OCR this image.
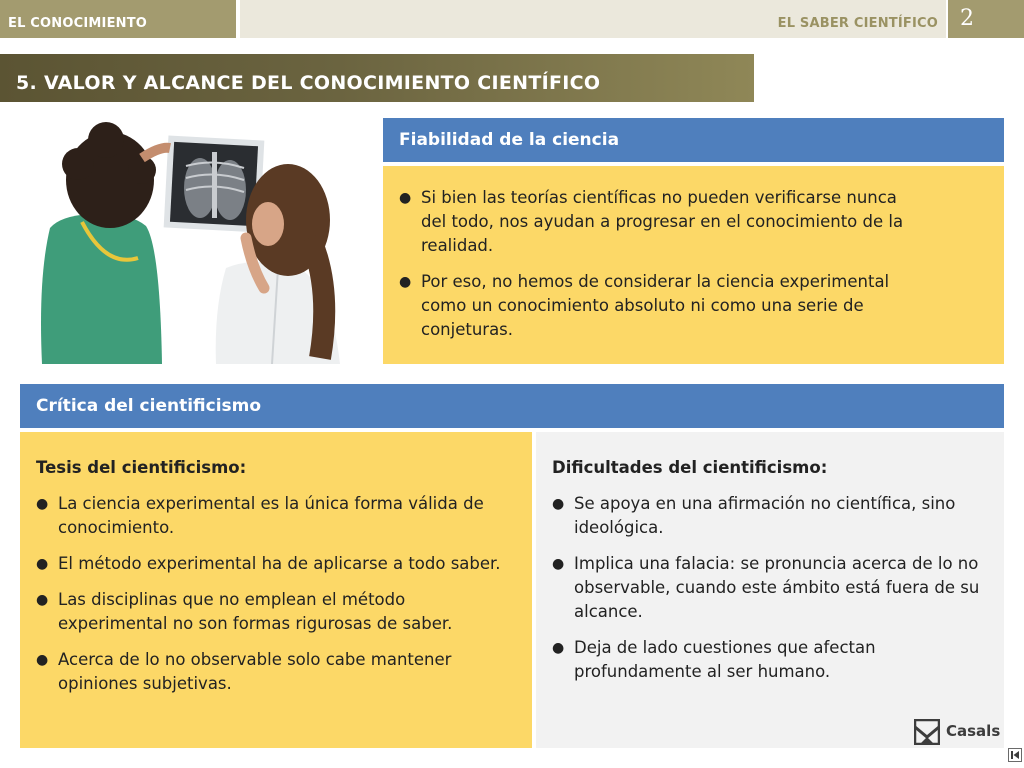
EL CONOCIMIENTO	EL SABER CIENTÍFICO 2
5. VALOR Y ALCANCE DEL CONOCIMIENTO CIENTÍFICO
Fiabilidad de la ciencia
● Si bien las teorías científicas no pueden verificarse nunca del todo, nos ayudan a progresar en el conocimiento de la realidad.
● Por eso, no hemos de considerar la ciencia experimental como un conocimiento absoluto ni como una serie de conjeturas.
Crítica del cientificismo
Tesis del cientificismo:
● La ciencia experimental es la única forma válida de conocimiento.
● El método experimental ha de aplicarse a todo saber.
● Las disciplinas que no emplean el método experimental no son formas rigurosas de saber.
● Acerca de lo no observable solo cabe mantener opiniones subjetivas.
Dificultades del cientificismo:
● Se apoya en una afirmación no científica, sino ideológica.
● Implica una falacia: se pronuncia acerca de lo no observable, cuando este ámbito está fuera de su alcance.
● Deja de lado cuestiones que afectan profundamente al ser humano.
Casals
